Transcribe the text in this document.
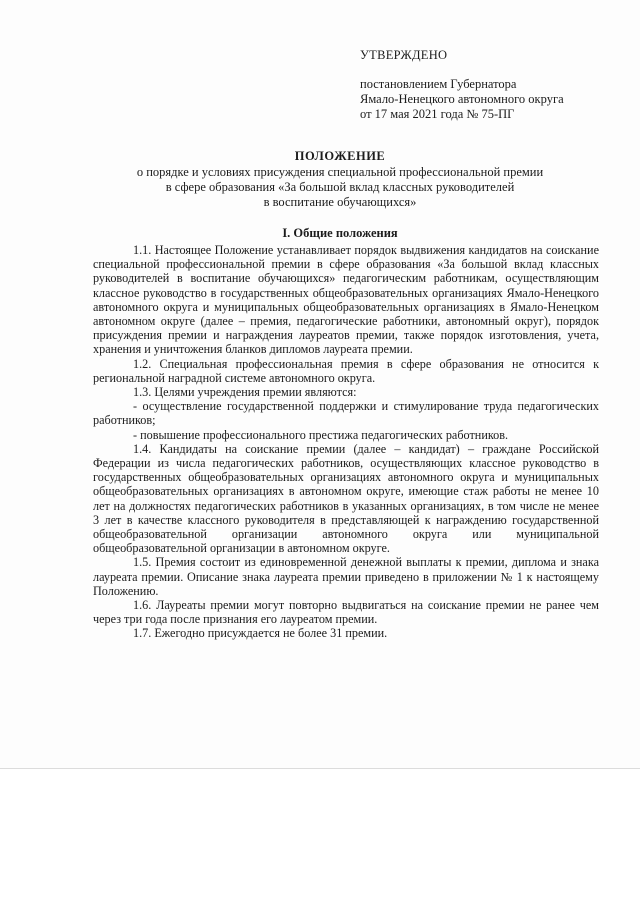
УТВЕРЖДЕНО
постановлением Губернатора
Ямало-Ненецкого автономного округа
от 17 мая 2021 года № 75-ПГ
ПОЛОЖЕНИЕ
о порядке и условиях присуждения специальной профессиональной премии
в сфере образования «За большой вклад классных руководителей
в воспитание обучающихся»
I. Общие положения

1.1. Настоящее Положение устанавливает порядок выдвижения кандидатов на соискание специальной профессиональной премии в сфере образования «За большой вклад классных руководителей в воспитание обучающихся» педагогическим работникам, осуществляющим классное руководство в государственных общеобразовательных организациях Ямало-Ненецкого автономного округа и муниципальных общеобразовательных организациях в Ямало-Ненецком автономном округе (далее – премия, педагогические работники, автономный округ), порядок присуждения премии и награждения лауреатов премии, также порядок изготовления, учета, хранения и уничтожения бланков дипломов лауреата премии.

1.2. Специальная профессиональная премия в сфере образования не относится к региональной наградной системе автономного округа.

1.3. Целями учреждения премии являются:

- осуществление государственной поддержки и стимулирование труда педагогических работников;

- повышение профессионального престижа педагогических работников.

1.4. Кандидаты на соискание премии (далее – кандидат) – граждане Российской Федерации из числа педагогических работников, осуществляющих классное руководство в государственных общеобразовательных организациях автономного округа и муниципальных общеобразовательных организациях в автономном округе, имеющие стаж работы не менее 10 лет на должностях педагогических работников в указанных организациях, в том числе не менее 3 лет в качестве классного руководителя в представляющей к награждению государственной общеобразовательной организации автономного округа или муниципальной общеобразовательной организации в автономном округе.

1.5. Премия состоит из единовременной денежной выплаты к премии, диплома и знака лауреата премии. Описание знака лауреата премии приведено в приложении № 1 к настоящему Положению.

1.6. Лауреаты премии могут повторно выдвигаться на соискание премии не ранее чем через три года после признания его лауреатом премии.

1.7. Ежегодно присуждается не более 31 премии.
